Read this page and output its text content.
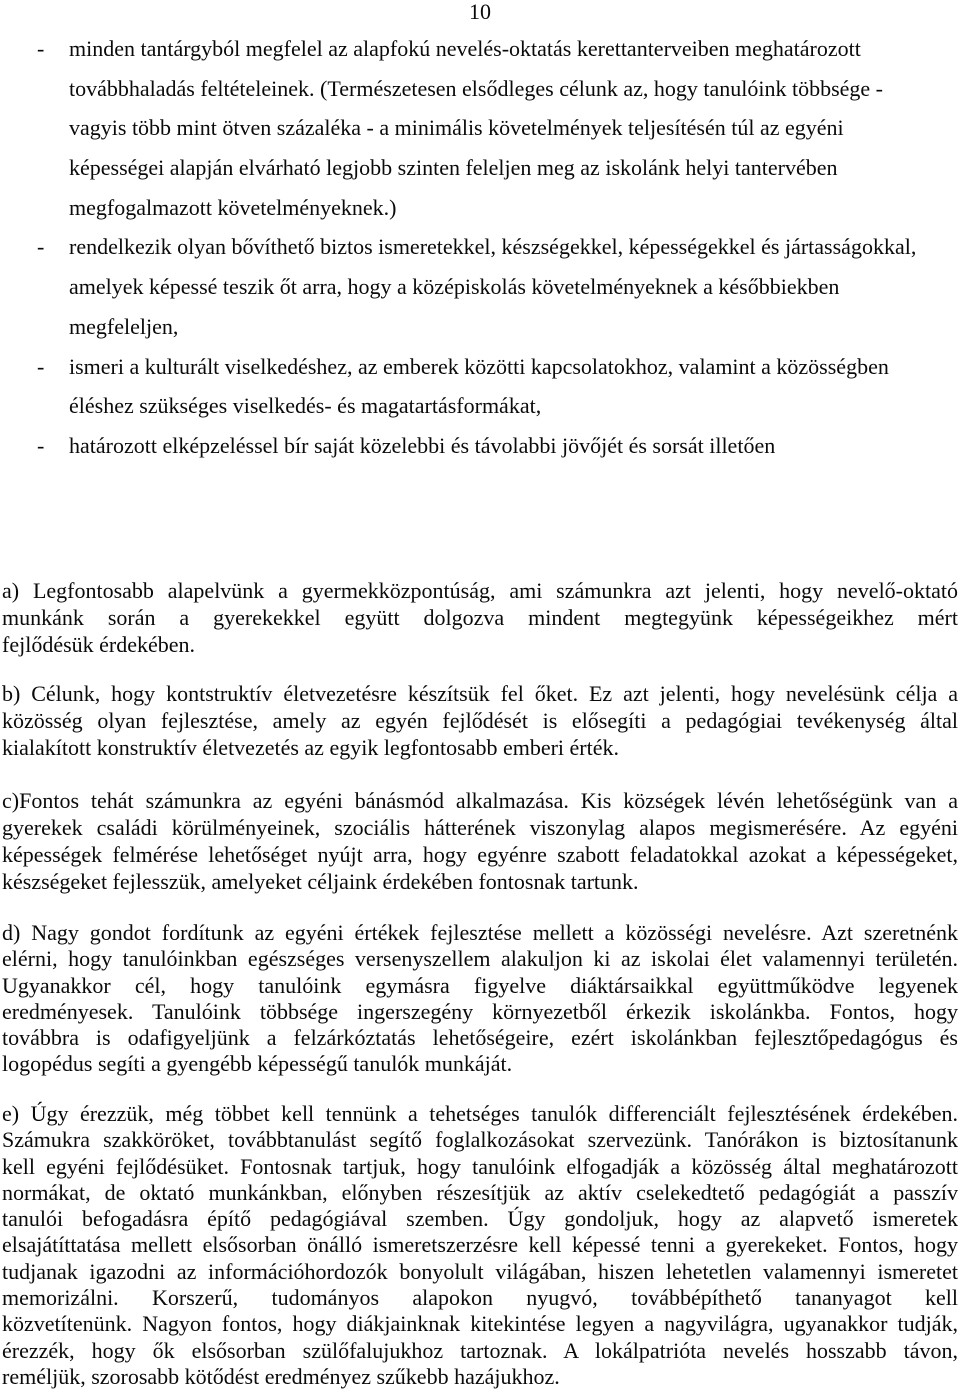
10
- minden tantárgyból megfelel az alapfokú nevelés-oktatás kerettanterveiben meghatározott
továbbhaladás feltételeinek. (Természetesen elsődleges célunk az, hogy tanulóink többsége -
vagyis több mint ötven százaléka - a minimális követelmények teljesítésén túl az egyéni
képességei alapján elvárható legjobb szinten feleljen meg az iskolánk helyi tantervében
megfogalmazott követelményeknek.)
- rendelkezik olyan bővíthető biztos ismeretekkel, készségekkel, képességekkel és jártasságokkal,
amelyek képessé teszik őt arra, hogy a középiskolás követelményeknek a későbbiekben
megfeleljen,
- ismeri a kulturált viselkedéshez, az emberek közötti kapcsolatokhoz, valamint a közösségben
éléshez szükséges viselkedés- és magatartásformákat,
- határozott elképzeléssel bír saját közelebbi és távolabbi jövőjét és sorsát illetően
a) Legfontosabb alapelvünk a gyermekközpontúság, ami számunkra azt jelenti, hogy nevelő-oktató
munkánk során a gyerekekkel együtt dolgozva mindent megtegyünk képességeikhez mért
fejlődésük érdekében.
b) Célunk, hogy kontstruktív életvezetésre készítsük fel őket. Ez azt jelenti, hogy nevelésünk célja a
közösség olyan fejlesztése, amely az egyén fejlődését is elősegíti a pedagógiai tevékenység által
kialakított konstruktív életvezetés az egyik legfontosabb emberi érték.
c)Fontos tehát számunkra az egyéni bánásmód alkalmazása. Kis községek lévén lehetőségünk van a
gyerekek családi körülményeinek, szociális hátterének viszonylag alapos megismerésére. Az egyéni
képességek felmérése lehetőséget nyújt arra, hogy egyénre szabott feladatokkal azokat a képességeket,
készségeket fejlesszük, amelyeket céljaink érdekében fontosnak tartunk.
d) Nagy gondot fordítunk az egyéni értékek fejlesztése mellett a közösségi nevelésre. Azt szeretnénk
elérni, hogy tanulóinkban egészséges versenyszellem alakuljon ki az iskolai élet valamennyi területén.
Ugyanakkor cél, hogy tanulóink egymásra figyelve diáktársaikkal együttműködve legyenek
eredményesek. Tanulóink többsége ingerszegény környezetből érkezik iskolánkba. Fontos, hogy
továbbra is odafigyeljünk a felzárkóztatás lehetőségeire, ezért iskolánkban fejlesztőpedagógus és
logopédus segíti a gyengébb képességű tanulók munkáját.
e) Úgy érezzük, még többet kell tennünk a tehetséges tanulók differenciált fejlesztésének érdekében.
Számukra szakköröket, továbbtanulást segítő foglalkozásokat szervezünk. Tanórákon is biztosítanunk
kell egyéni fejlődésüket. Fontosnak tartjuk, hogy tanulóink elfogadják a közösség által meghatározott
normákat, de oktató munkánkban, előnyben részesítjük az aktív cselekedtető pedagógiát a passzív
tanulói befogadásra építő pedagógiával szemben. Úgy gondoljuk, hogy az alapvető ismeretek
elsajátíttatása mellett elsősorban önálló ismeretszerzésre kell képessé tenni a gyerekeket. Fontos, hogy
tudjanak igazodni az információhordozók bonyolult világában, hiszen lehetetlen valamennyi ismeretet
memorizálni. Korszerű, tudományos alapokon nyugvó, továbbépíthető tananyagot kell
közvetítenünk. Nagyon fontos, hogy diákjainknak kitekintése legyen a nagyvilágra, ugyanakkor tudják,
érezzék, hogy ők elsősorban szülőfalujukhoz tartoznak. A lokálpatrióta nevelés hosszabb távon,
reméljük, szorosabb kötődést eredményez szűkebb hazájukhoz.
